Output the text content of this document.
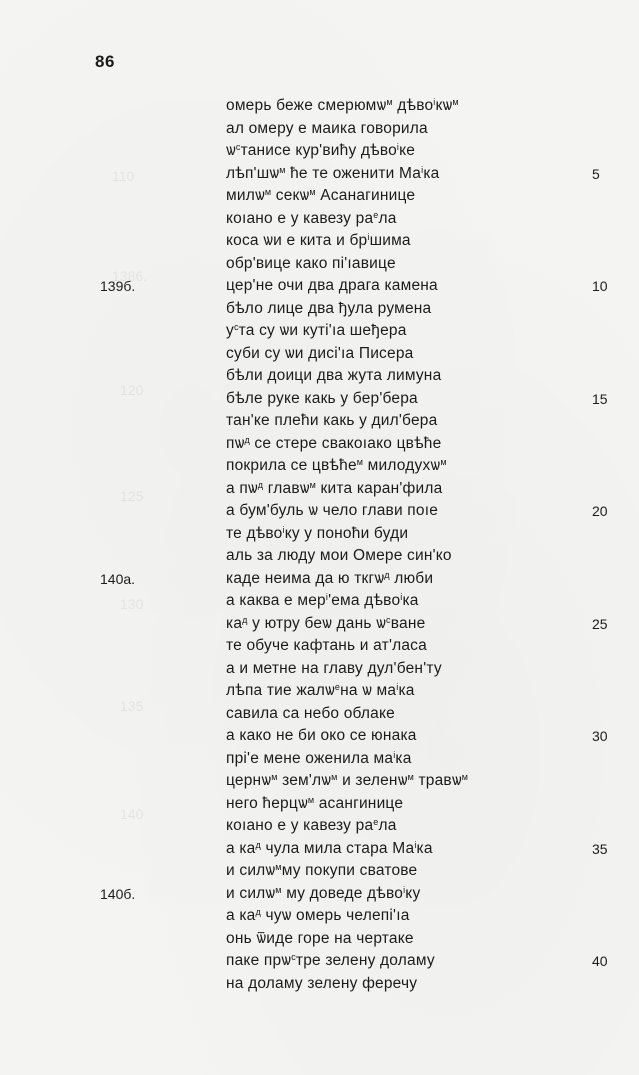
86
110
1386.
120
125
130
135
140
омерь беже смерюмѡ$^м$ $дѣво^ікѡ^м$
ал омеру е маика говорила
$ѡ^станисе$ кур'вићу дѣво$^і$ке
$лѣп'шѡ^м$ ће те оженити $Ма^іка$
милѡ$^м$ секѡ$^м$ Асанагинице
коıано е у кавезу $ра^ела$
коса ѡи е кита и $бр^ішима$
обр'вице како пі'ıавице
цер'не очи два драга камена
бѣло лице два ђула румена
$у^ста$ су ѡи куті'ıа шеђера
суби су ѡи дисі'ıа Писера
бѣли доици два жута лимуна
бѣле руке какь у бер'бера
тан'ке плећи какь у дил'бера
$пѡ^д$ се стере свакоıако цвѣће
покрила се цвѣће$^м$ милодухѡ$^м$
а $пѡ^д$ главѡ$^м$ кита каран'фила
а бум'буль ѡ чело глави поıе
те дѣво$^і$ку у поноћи буди
аль за люду мои Омере син'ко
каде неима да ю ткгѡ$^д$ люби
а каква е мер$^і$'ема дѣво$^і$ка
$ка^д$ у ютру беѡ дань $ѡ^сване$
те обуче кафтань и ат'ласа
а и метне на главу дул'бен'ту
лѣпа тие жалѡ$^е$на ѡ $ма^іка$
савила са небо облаке
а како не би око се юнака
прі'е мене оженила $ма^іка$
цернѡ$^м$ $зем'лѡ^м$ и зеленѡ$^м$ травѡ$^м$
него ћерцѡ$^м$ асангинице
коıано е у кавезу $ра^ела$
а $ка^д$ чула мила стара $Ма^іка$
и силѡ$^м$му покупи сватове
и силѡ$^м$ му доведе дѣво$^і$ку
а $ка^д$ чуѡ омерь челепі'ıа
онь ѿиде горе на чертаке
паке прѡ$^с$тре зелену доламу
на доламу зелену феречу
5
10
15
20
25
30
35
40
139б.
140а.
140б.
